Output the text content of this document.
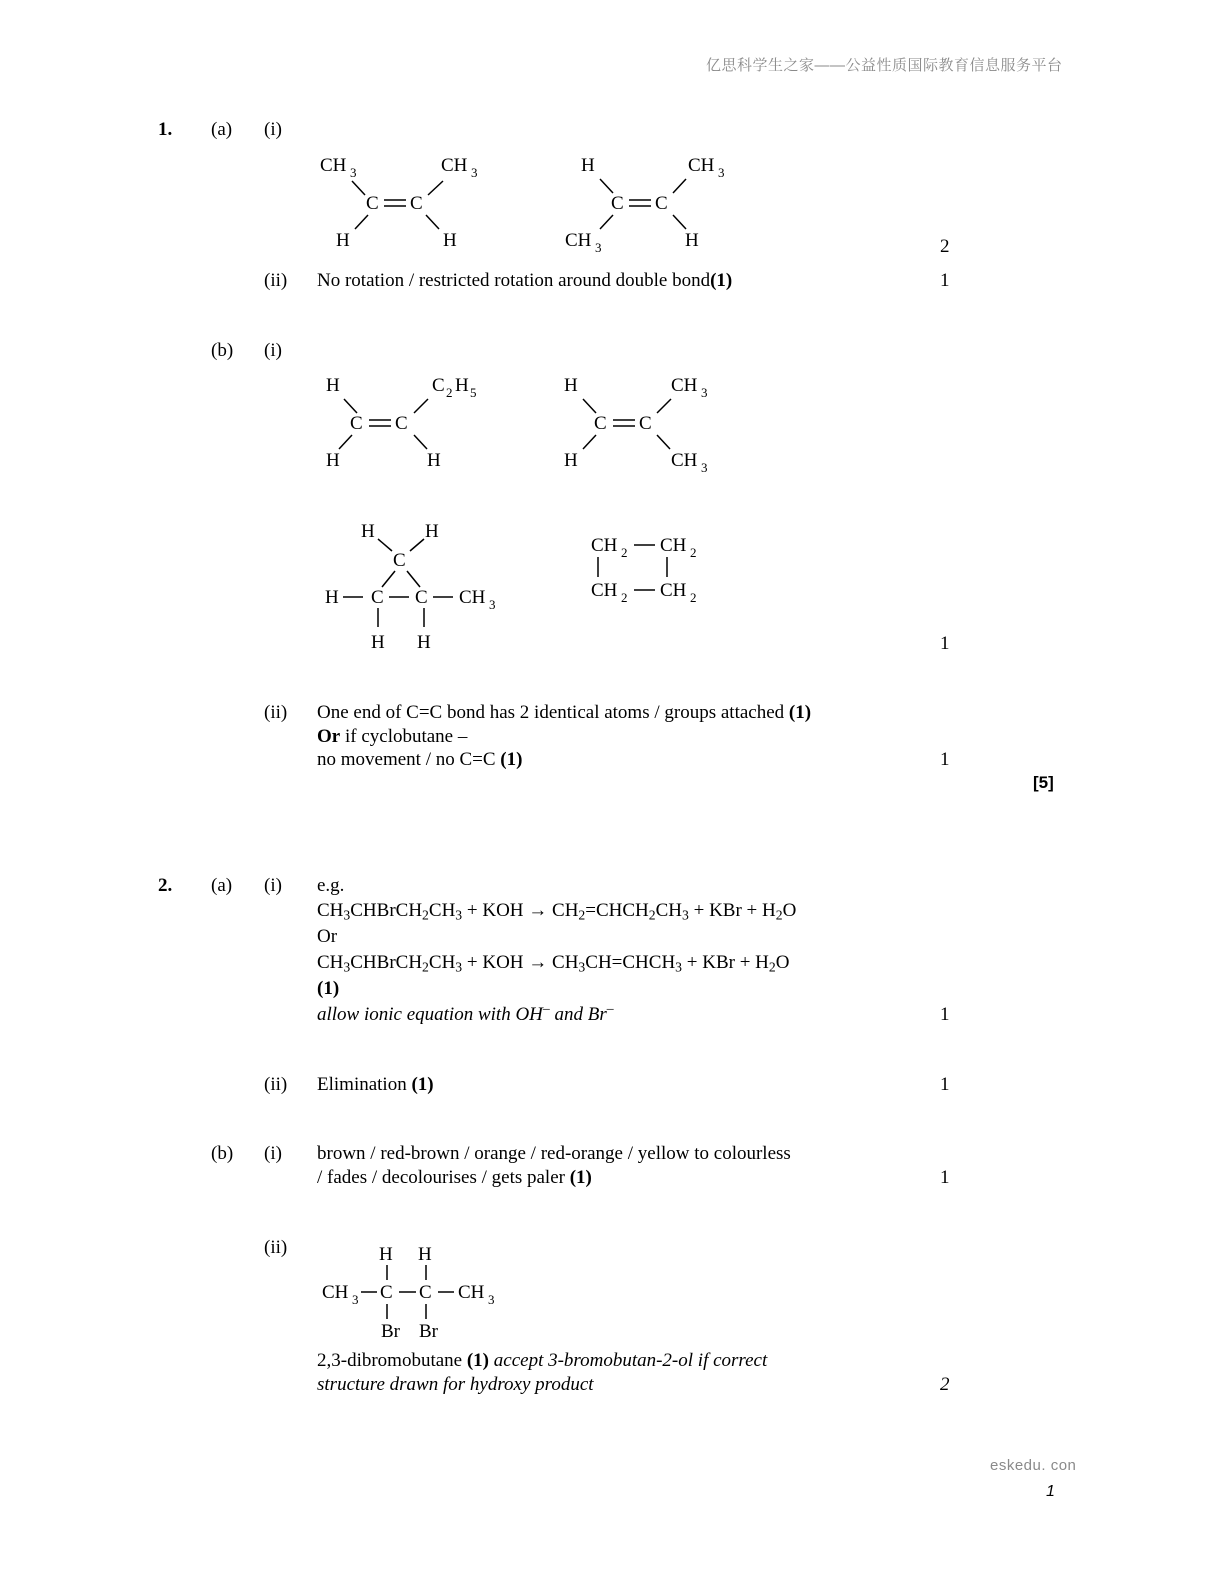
亿思科学生之家——公益性质国际教育信息服务平台
1. (a) (i)
CH 3	CH 3
C C
H	H
H	CH 3
C C
CH 3	H	2
(ii) No rotation / restricted rotation around double bond(1)	1
(b) (i)
H	C 2 H 5
C C
H	H
H	CH 3
C C
H	CH 3
H	H
C
H C C CH 3
H H
CH 2 CH 2
CH 2 CH 2
1
(ii) One end of C=C bond has 2 identical atoms / groups attached (1)
Or if cyclobutane –
no movement / no C=C (1)	1
[5]
2. (a) (i) e.g.
$CH_3CHBrCH_2CH_3$ + KOH → $CH_2=CHCH_2CH_3$ + KBr + $H_2O$
Or
$CH_3CHBrCH_2CH_3$ + KOH → $CH_3CH=CHCH_3$ + KBr + $H_2O$
(1)
allow ionic equation with OH– and Br–	1
(ii) Elimination (1)	1
(b) (i) brown / red-brown / orange / red-orange / yellow to colourless
/ fades / decolourises / gets paler (1)	1
(ii)	H H
CH 3 C C CH 3
Br Br
2,3-dibromobutane (1) accept 3-bromobutan-2-ol if correct
structure drawn for hydroxy product	2
eskedu. con
1
